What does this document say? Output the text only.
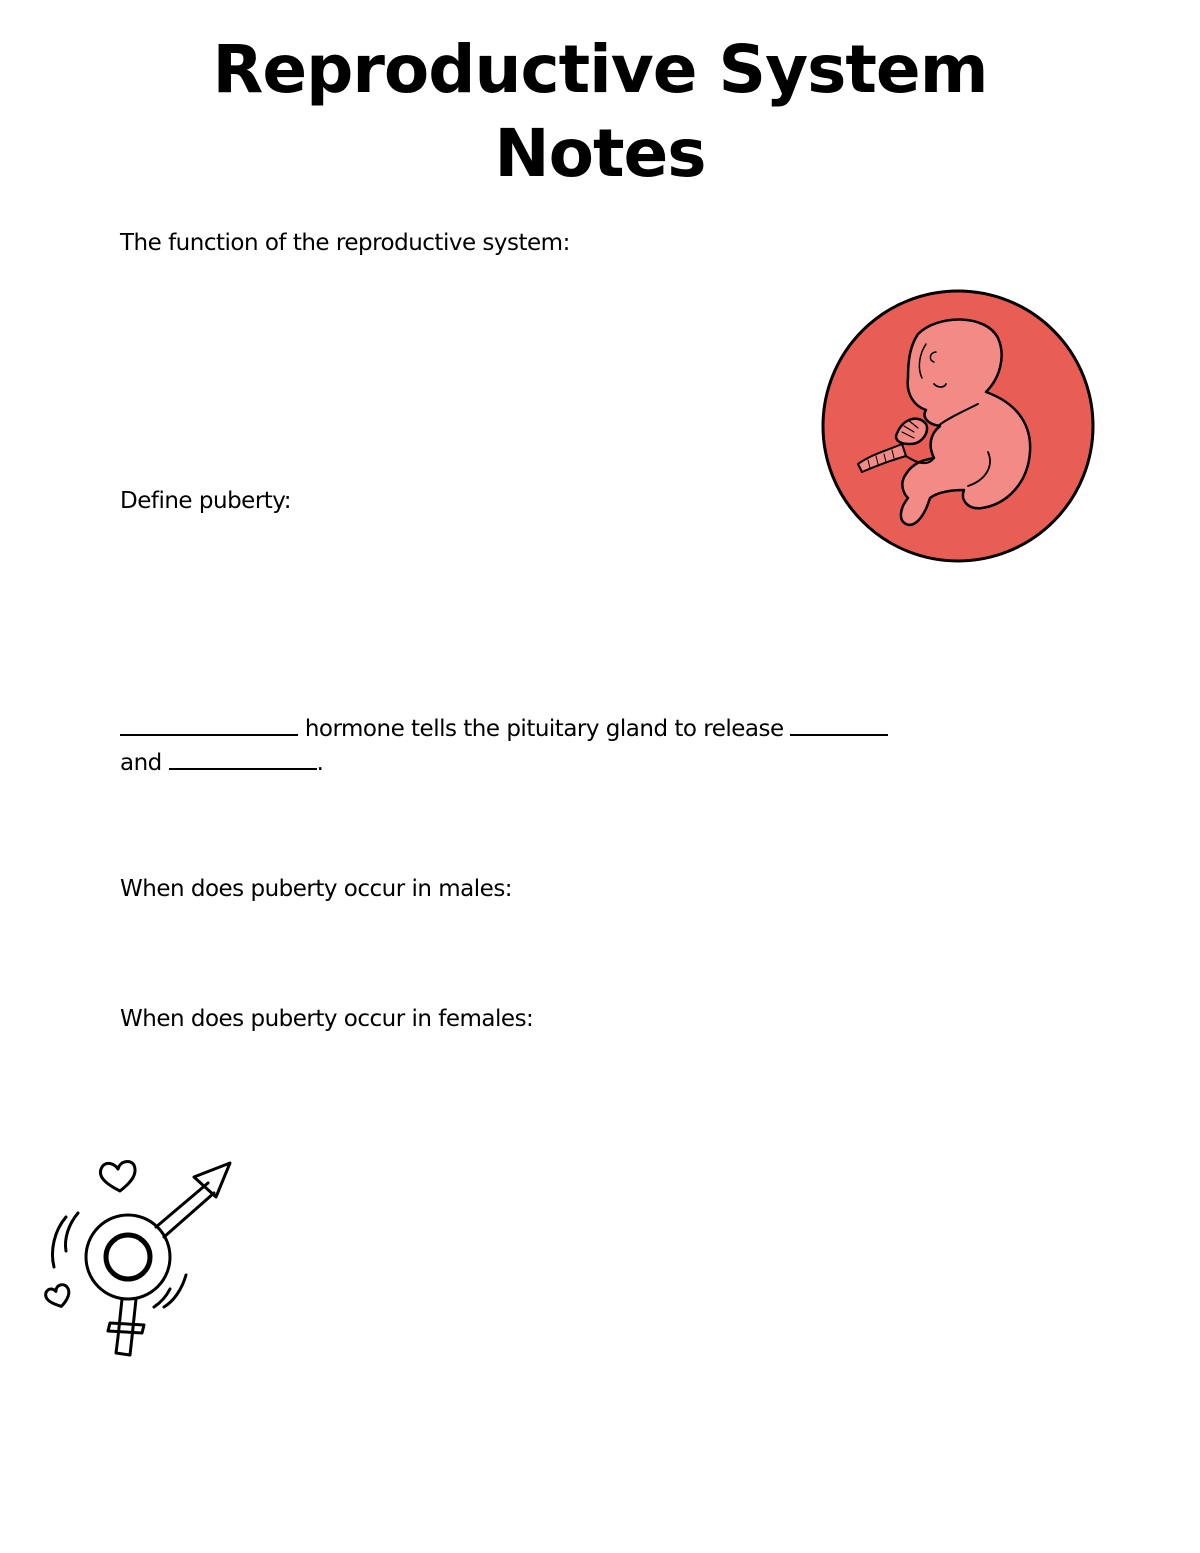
Reproductive System
Notes

The function of the reproductive system:

Define puberty:

hormone tells the pituitary gland to release
and	.

When does puberty occur in males:

When does puberty occur in females:
